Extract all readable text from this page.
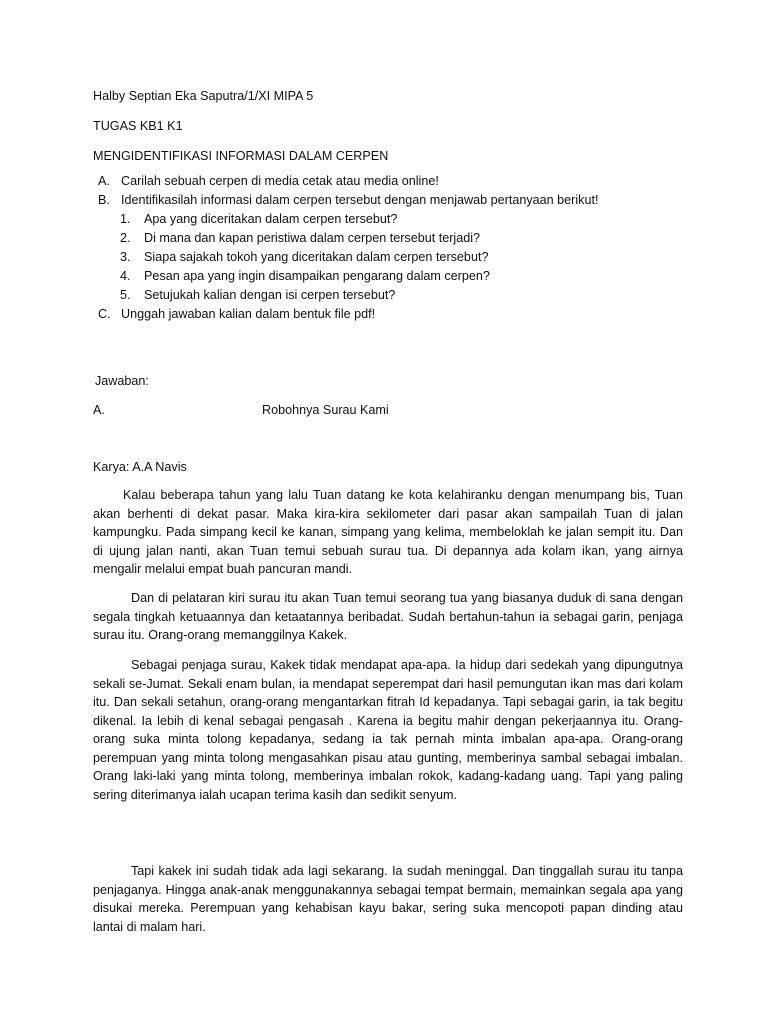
Halby Septian Eka Saputra/1/XI MIPA 5
TUGAS KB1 K1
MENGIDENTIFIKASI INFORMASI DALAM CERPEN
A. Carilah sebuah cerpen di media cetak atau media online!
B. Identifikasilah informasi dalam cerpen tersebut dengan menjawab pertanyaan berikut!
1. Apa yang diceritakan dalam cerpen tersebut?
2. Di mana dan kapan peristiwa dalam cerpen tersebut terjadi?
3. Siapa sajakah tokoh yang diceritakan dalam cerpen tersebut?
4. Pesan apa yang ingin disampaikan pengarang dalam cerpen?
5. Setujukah kalian dengan isi cerpen tersebut?
C. Unggah jawaban kalian dalam bentuk file pdf!
Jawaban:
A.	Robohnya Surau Kami
Karya: A.A Navis

Kalau beberapa tahun yang lalu Tuan datang ke kota kelahiranku dengan menumpang bis, Tuan akan berhenti di dekat pasar. Maka kira-kira sekilometer dari pasar akan sampailah Tuan di jalan kampungku. Pada simpang kecil ke kanan, simpang yang kelima, membeloklah ke jalan sempit itu. Dan di ujung jalan nanti, akan Tuan temui sebuah surau tua. Di depannya ada kolam ikan, yang airnya mengalir melalui empat buah pancuran mandi.

Dan di pelataran kiri surau itu akan Tuan temui seorang tua yang biasanya duduk di sana dengan segala tingkah ketuaannya dan ketaatannya beribadat. Sudah bertahun-tahun ia sebagai garin, penjaga surau itu. Orang-orang memanggilnya Kakek.

Sebagai penjaga surau, Kakek tidak mendapat apa-apa. Ia hidup dari sedekah yang dipungutnya sekali se-Jumat. Sekali enam bulan, ia mendapat seperempat dari hasil pemungutan ikan mas dari kolam itu. Dan sekali setahun, orang-orang mengantarkan fitrah Id kepadanya. Tapi sebagai garin, ia tak begitu dikenal. Ia lebih di kenal sebagai pengasah . Karena ia begitu mahir dengan pekerjaannya itu. Orang-orang suka minta tolong kepadanya, sedang ia tak pernah minta imbalan apa-apa. Orang-orang perempuan yang minta tolong mengasahkan pisau atau gunting, memberinya sambal sebagai imbalan. Orang laki-laki yang minta tolong, memberinya imbalan rokok, kadang-kadang uang. Tapi yang paling sering diterimanya ialah ucapan terima kasih dan sedikit senyum.

Tapi kakek ini sudah tidak ada lagi sekarang. Ia sudah meninggal. Dan tinggallah surau itu tanpa penjaganya. Hingga anak-anak menggunakannya sebagai tempat bermain, memainkan segala apa yang disukai mereka. Perempuan yang kehabisan kayu bakar, sering suka mencopoti papan dinding atau lantai di malam hari.
